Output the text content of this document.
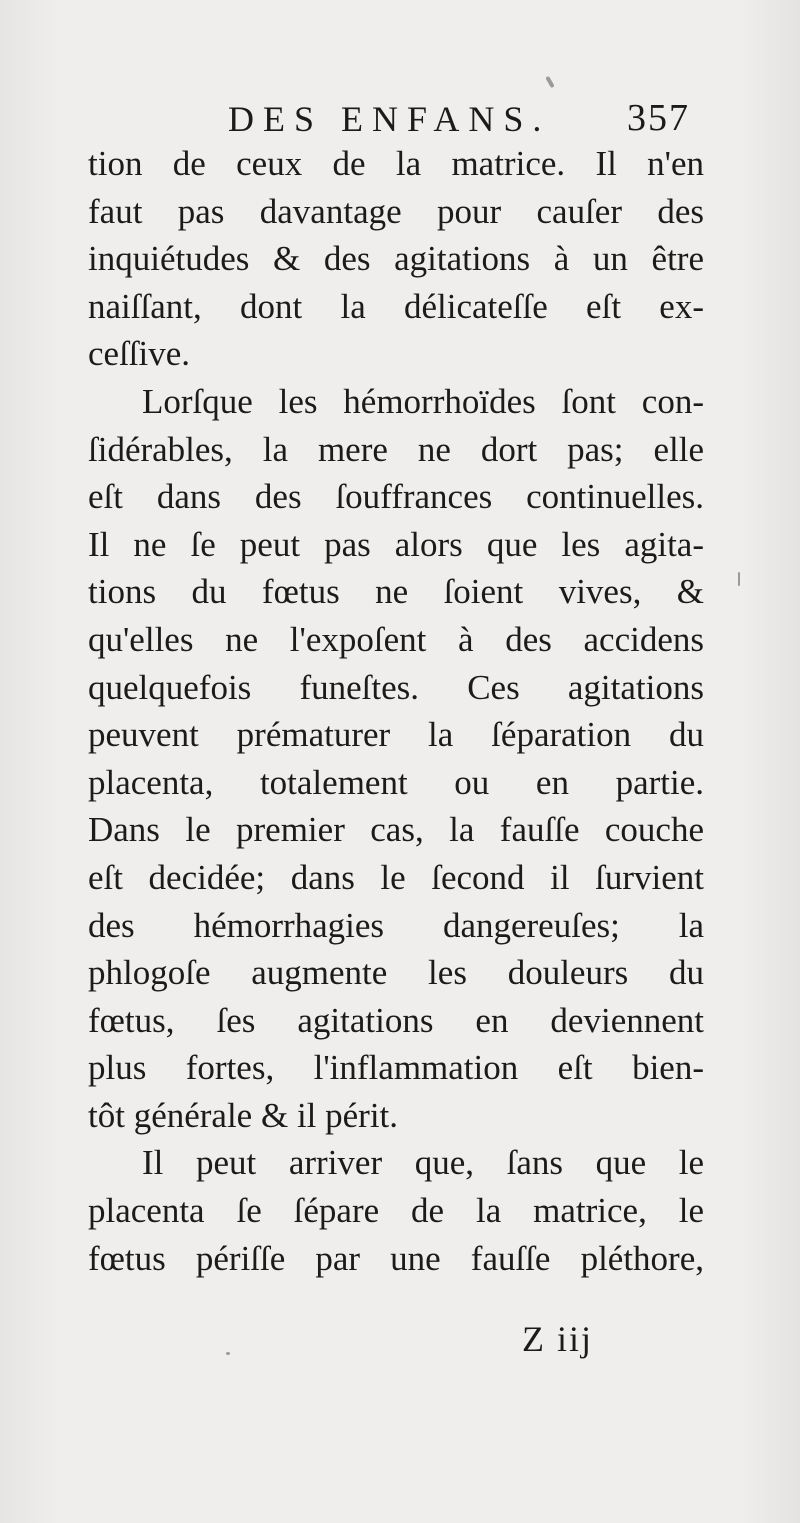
DES ENFANS. 357
tion de ceux de la matrice. Il n'en
faut pas davantage pour cauſer des
inquiétudes & des agitations à un être
naiſſant, dont la délicateſſe eſt ex-
ceſſive.
Lorſque les hémorrhoïdes ſont con-
ſidérables, la mere ne dort pas; elle
eſt dans des ſouffrances continuelles.
Il ne ſe peut pas alors que les agita-
tions du fœtus ne ſoient vives, &
qu'elles ne l'expoſent à des accidens
quelquefois funeſtes. Ces agitations
peuvent prématurer la ſéparation du
placenta, totalement ou en partie.
Dans le premier cas, la fauſſe couche
eſt decidée; dans le ſecond il ſurvient
des hémorrhagies dangereuſes; la
phlogoſe augmente les douleurs du
fœtus, ſes agitations en deviennent
plus fortes, l'inflammation eſt bien-
tôt générale & il périt.
Il peut arriver que, ſans que le
placenta ſe ſépare de la matrice, le
fœtus périſſe par une fauſſe pléthore,
Z iij
